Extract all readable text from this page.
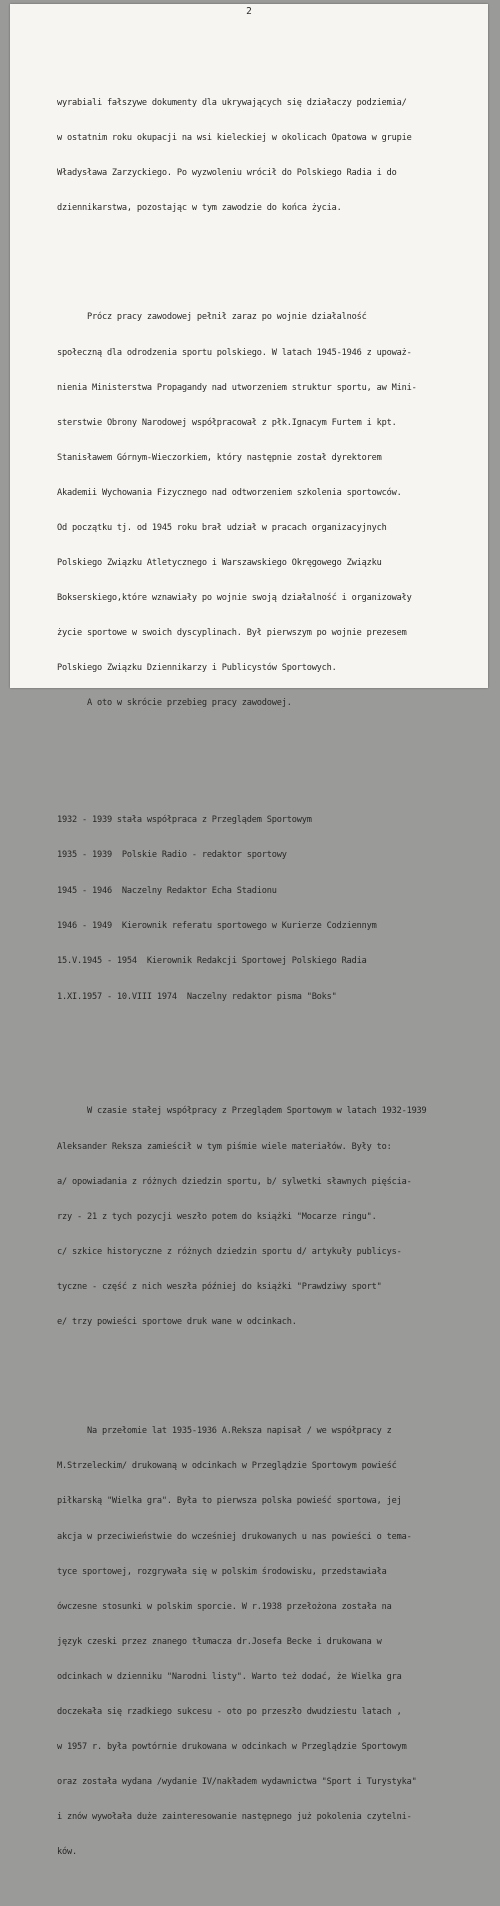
2

wyrabiali fałszywe dokumenty dla ukrywających się działaczy podziemia/

w ostatnim roku okupacji na wsi kieleckiej w okolicach Opatowa w grupie

Władysława Zarzyckiego. Po wyzwoleniu wrócił do Polskiego Radia i do

dziennikarstwa, pozostając w tym zawodzie do końca życia.

Prócz pracy zawodowej pełnił zaraz po wojnie działalność

społeczną dla odrodzenia sportu polskiego. W latach 1945-1946 z upoważ-

nienia Ministerstwa Propagandy nad utworzeniem struktur sportu, aw Mini-

sterstwie Obrony Narodowej współpracował z płk.Ignacym Furtem i kpt.

Stanisławem Górnym-Wieczorkiem, który następnie został dyrektorem

Akademii Wychowania Fizycznego nad odtworzeniem szkolenia sportowców.

Od początku tj. od 1945 roku brał udział w pracach organizacyjnych

Polskiego Związku Atletycznego i Warszawskiego Okręgowego Związku

Bokserskiego,które wznawiały po wojnie swoją działalność i organizowały

życie sportowe w swoich dyscyplinach. Był pierwszym po wojnie prezesem

Polskiego Związku Dziennikarzy i Publicystów Sportowych.

A oto w skrócie przebieg pracy zawodowej.

1932 - 1939 stała współpraca z Przeglądem Sportowym

1935 - 1939  Polskie Radio - redaktor sportowy

1945 - 1946  Naczelny Redaktor Echa Stadionu

1946 - 1949  Kierownik referatu sportowego w Kurierze Codziennym

15.V.1945 - 1954  Kierownik Redakcji Sportowej Polskiego Radia

1.XI.1957 - 10.VIII 1974  Naczelny redaktor pisma "Boks"

W czasie stałej współpracy z Przeglądem Sportowym w latach 1932-1939

Aleksander Reksza zamieścił w tym piśmie wiele materiałów. Były to:

a/ opowiadania z różnych dziedzin sportu, b/ sylwetki sławnych pięścia-

rzy - 21 z tych pozycji weszło potem do książki "Mocarze ringu".

c/ szkice historyczne z różnych dziedzin sportu d/ artykuły publicys-

tyczne - część z nich weszła później do książki "Prawdziwy sport"

e/ trzy powieści sportowe druk wane w odcinkach.

Na przełomie lat 1935-1936 A.Reksza napisał / we współpracy z

M.Strzeleckim/ drukowaną w odcinkach w Przeglądzie Sportowym powieść

piłkarską "Wielka gra". Była to pierwsza polska powieść sportowa, jej

akcja w przeciwieństwie do wcześniej drukowanych u nas powieści o tema-

tyce sportowej, rozgrywała się w polskim środowisku, przedstawiała

ówczesne stosunki w polskim sporcie. W r.1938 przełożona została na

język czeski przez znanego tłumacza dr.Josefa Becke i drukowana w

odcinkach w dzienniku "Narodni listy". Warto też dodać, że Wielka gra

doczekała się rzadkiego sukcesu - oto po przeszło dwudziestu latach ,

w 1957 r. była powtórnie drukowana w odcinkach w Przeglądzie Sportowym

oraz została wydana /wydanie IV/nakładem wydawnictwa "Sport i Turystyka"

i znów wywołała duże zainteresowanie następnego już pokolenia czytelni-

ków.
